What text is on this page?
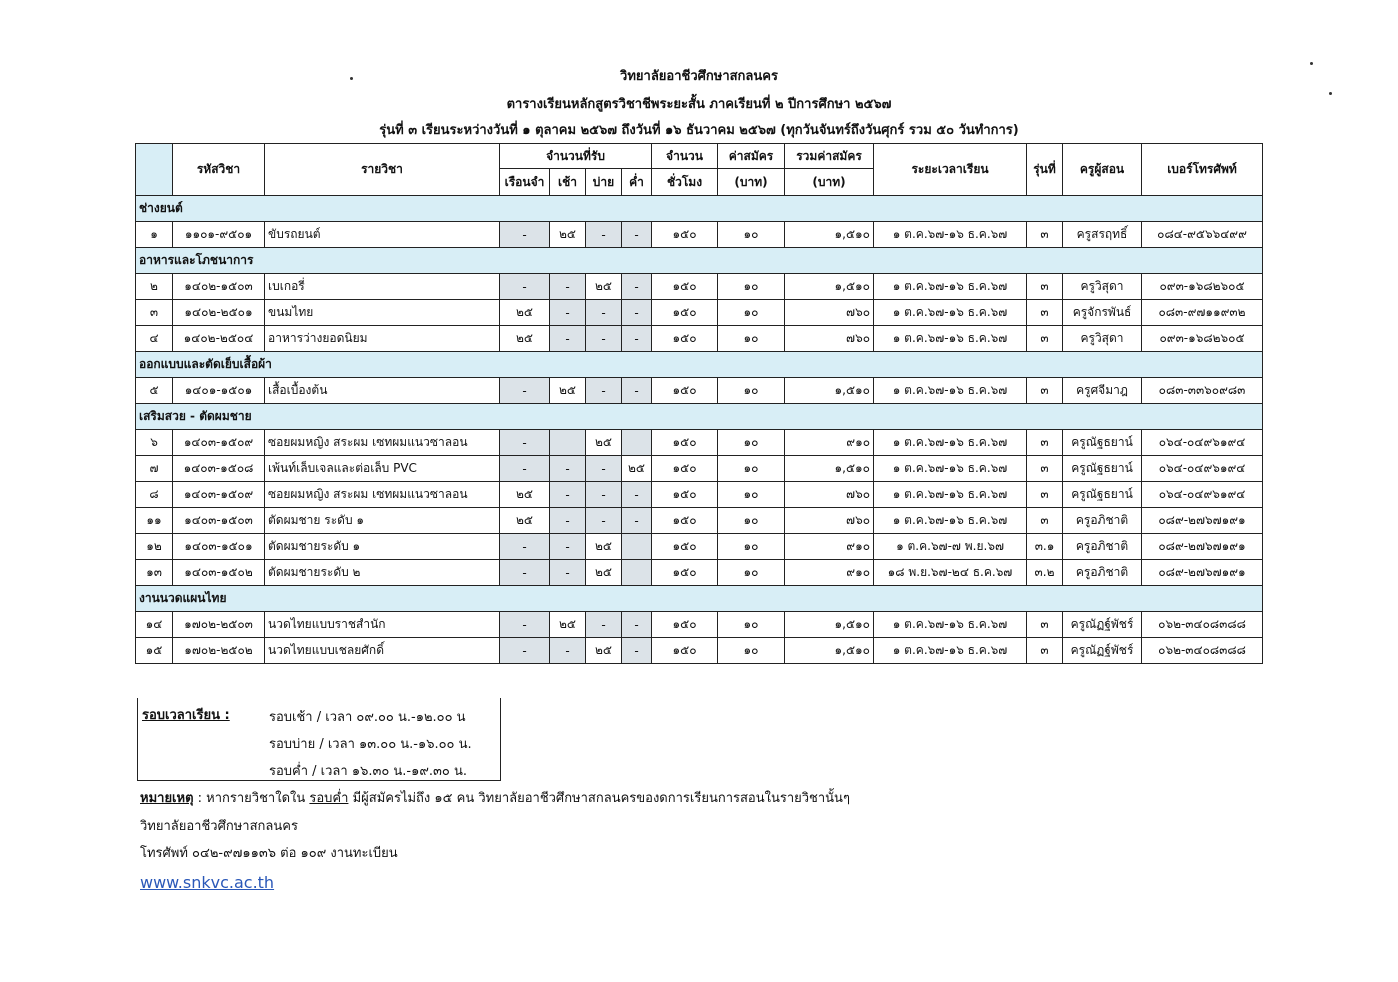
วิทยาลัยอาชีวศึกษาสกลนคร
ตารางเรียนหลักสูตรวิชาชีพระยะสั้น ภาคเรียนที่ ๒ ปีการศึกษา ๒๕๖๗
รุ่นที่ ๓ เรียนระหว่างวันที่ ๑ ตุลาคม ๒๕๖๗ ถึงวันที่ ๑๖ ธันวาคม ๒๕๖๗ (ทุกวันจันทร์ถึงวันศุกร์ รวม ๕๐ วันทำการ)
	รหัสวิชา	รายวิชา	จำนวนที่รับ				จำนวน	ค่าสมัคร	รวมค่าสมัคร	ระยะเวลาเรียน	รุ่นที่	ครูผู้สอน	เบอร์โทรศัพท์
			เรือนจำ	เช้า	บ่าย	ค่ำ	ชั่วโมง	(บาท)	(บาท)				
ช่างยนต์													
๑	๑๑๐๑-๙๕๐๑	ขับรถยนต์	-	๒๕	-	-	๑๕๐	๑๐	๑,๕๑๐	๑ ต.ค.๖๗-๑๖ ธ.ค.๖๗	๓	ครูสรฤทธิ์	๐๘๔-๙๕๖๖๔๙๙
อาหารและโภชนาการ													
๒	๑๔๐๒-๑๕๐๓	เบเกอรี่	-	-	๒๕	-	๑๕๐	๑๐	๑,๕๑๐	๑ ต.ค.๖๗-๑๖ ธ.ค.๖๗	๓	ครูวิสุดา	๐๙๓-๑๖๘๒๖๐๕
๓	๑๔๐๒-๒๕๐๑	ขนมไทย	๒๕	-	-	-	๑๕๐	๑๐	๗๖๐	๑ ต.ค.๖๗-๑๖ ธ.ค.๖๗	๓	ครูจักรพันธ์	๐๘๓-๙๗๑๑๙๓๒
๔	๑๔๐๒-๒๕๐๔	อาหารว่างยอดนิยม	๒๕	-	-	-	๑๕๐	๑๐	๗๖๐	๑ ต.ค.๖๗-๑๖ ธ.ค.๖๗	๓	ครูวิสุดา	๐๙๓-๑๖๘๒๖๐๕
ออกแบบและตัดเย็บเสื้อผ้า													
๕	๑๔๐๑-๑๕๐๑	เสื้อเบื้องต้น	-	๒๕	-	-	๑๕๐	๑๐	๑,๕๑๐	๑ ต.ค.๖๗-๑๖ ธ.ค.๖๗	๓	ครูศจีมาฎ	๐๘๓-๓๓๖๐๙๘๓
เสริมสวย - ตัดผมชาย													
๖	๑๔๐๓-๑๕๐๙	ซอยผมหญิง สระผม เซทผมแนวซาลอน	-		๒๕		๑๕๐	๑๐	๙๑๐	๑ ต.ค.๖๗-๑๖ ธ.ค.๖๗	๓	ครูณัฐธยาน์	๐๖๔-๐๔๙๖๑๙๔
๗	๑๔๐๓-๑๕๐๘	เพ้นท์เล็บเจลและต่อเล็บ PVC	-	-	-	๒๕	๑๕๐	๑๐	๑,๕๑๐	๑ ต.ค.๖๗-๑๖ ธ.ค.๖๗	๓	ครูณัฐธยาน์	๐๖๔-๐๔๙๖๑๙๔
๘	๑๔๐๓-๑๕๐๙	ซอยผมหญิง สระผม เซทผมแนวซาลอน	๒๕	-	-	-	๑๕๐	๑๐	๗๖๐	๑ ต.ค.๖๗-๑๖ ธ.ค.๖๗	๓	ครูณัฐธยาน์	๐๖๔-๐๔๙๖๑๙๔
๑๑	๑๔๐๓-๑๕๐๓	ตัดผมชาย ระดับ ๑	๒๕	-	-	-	๑๕๐	๑๐	๗๖๐	๑ ต.ค.๖๗-๑๖ ธ.ค.๖๗	๓	ครูอภิชาติ	๐๘๙-๒๗๖๗๑๙๑
๑๒	๑๔๐๓-๑๕๐๑	ตัดผมชายระดับ ๑	-	-	๒๕		๑๕๐	๑๐	๙๑๐	๑ ต.ค.๖๗-๗ พ.ย.๖๗	๓.๑	ครูอภิชาติ	๐๘๙-๒๗๖๗๑๙๑
๑๓	๑๔๐๓-๑๕๐๒	ตัดผมชายระดับ ๒	-	-	๒๕		๑๕๐	๑๐	๙๑๐	๑๘ พ.ย.๖๗-๒๔ ธ.ค.๖๗	๓.๒	ครูอภิชาติ	๐๘๙-๒๗๖๗๑๙๑
งานนวดแผนไทย													
๑๔	๑๗๐๒-๒๕๐๓	นวดไทยแบบราชสำนัก	-	๒๕	-	-	๑๕๐	๑๐	๑,๕๑๐	๑ ต.ค.๖๗-๑๖ ธ.ค.๖๗	๓	ครูณัฏฐ์พัชร์	๐๖๒-๓๔๐๘๓๘๘
๑๕	๑๗๐๒-๒๕๐๒	นวดไทยแบบเชลยศักดิ์	-	-	๒๕	-	๑๕๐	๑๐	๑,๕๑๐	๑ ต.ค.๖๗-๑๖ ธ.ค.๖๗	๓	ครูณัฏฐ์พัชร์	๐๖๒-๓๔๐๘๓๘๘
รอบเวลาเรียน :	รอบเช้า / เวลา ๐๙.๐๐ น.-๑๒.๐๐ น
รอบบ่าย / เวลา ๑๓.๐๐ น.-๑๖.๐๐ น.
รอบค่ำ / เวลา ๑๖.๓๐ น.-๑๙.๓๐ น.
หมายเหตุ : หากรายวิชาใดใน รอบค่ำ มีผู้สมัครไม่ถึง ๑๕ คน วิทยาลัยอาชีวศึกษาสกลนครของดการเรียนการสอนในรายวิชานั้นๆ
วิทยาลัยอาชีวศึกษาสกลนคร
โทรศัพท์ ๐๔๒-๙๗๑๑๓๖ ต่อ ๑๐๙ งานทะเบียน
www.snkvc.ac.th
